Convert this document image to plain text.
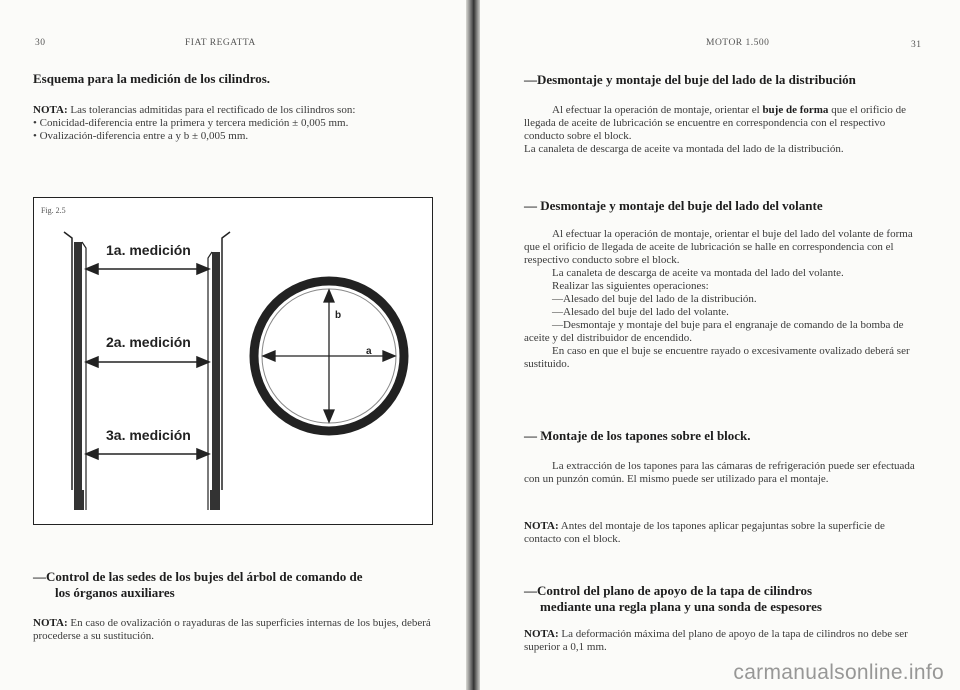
30	FIAT REGATTA
Esquema para la medición de los cilindros.

NOTA: Las tolerancias admitidas para el rectificado de los cilindros son:

• Conicidad-diferencia entre la primera y tercera medición ± 0,005 mm.

• Ovalización-diferencia entre a y b ± 0,005 mm.

Fig. 2.5
1a. medición
2a. medición
3a. medición
b
a
—Control de las sedes de los bujes del árbol de comando de
los órganos auxiliares

NOTA: En caso de ovalización o rayaduras de las superficies internas de los bujes, deberá procederse a su sustitución.

MOTOR 1.500	31
—Desmontaje y montaje del buje del lado de la distribución

Al efectuar la operación de montaje, orientar el buje de forma que el orificio de llegada de aceite de lubricación se encuentre en correspondencia con el respectivo conducto sobre el block.

La canaleta de descarga de aceite va montada del lado de la distribución.

— Desmontaje y montaje del buje del lado del volante

Al efectuar la operación de montaje, orientar el buje del lado del volante de forma que el orificio de llegada de aceite de lubricación se halle en correspondencia con el respectivo conducto sobre el block.

La canaleta de descarga de aceite va montada del lado del volante.

Realizar las siguientes operaciones:

—Alesado del buje del lado de la distribución.

—Alesado del buje del lado del volante.

—Desmontaje y montaje del buje para el engranaje de comando de la bomba de aceite y del distribuidor de encendido.

En caso en que el buje se encuentre rayado o excesivamente ovalizado deberá ser sustituido.

— Montaje de los tapones sobre el block.

La extracción de los tapones para las cámaras de refrigeración puede ser efectuada con un punzón común. El mismo puede ser utilizado para el montaje.

NOTA: Antes del montaje de los tapones aplicar pegajuntas sobre la superficie de contacto con el block.

—Control del plano de apoyo de la tapa de cilindros
mediante una regla plana y una sonda de espesores

NOTA: La deformación máxima del plano de apoyo de la tapa de cilindros no debe ser superior a 0,1 mm.

carmanualsonline.info
